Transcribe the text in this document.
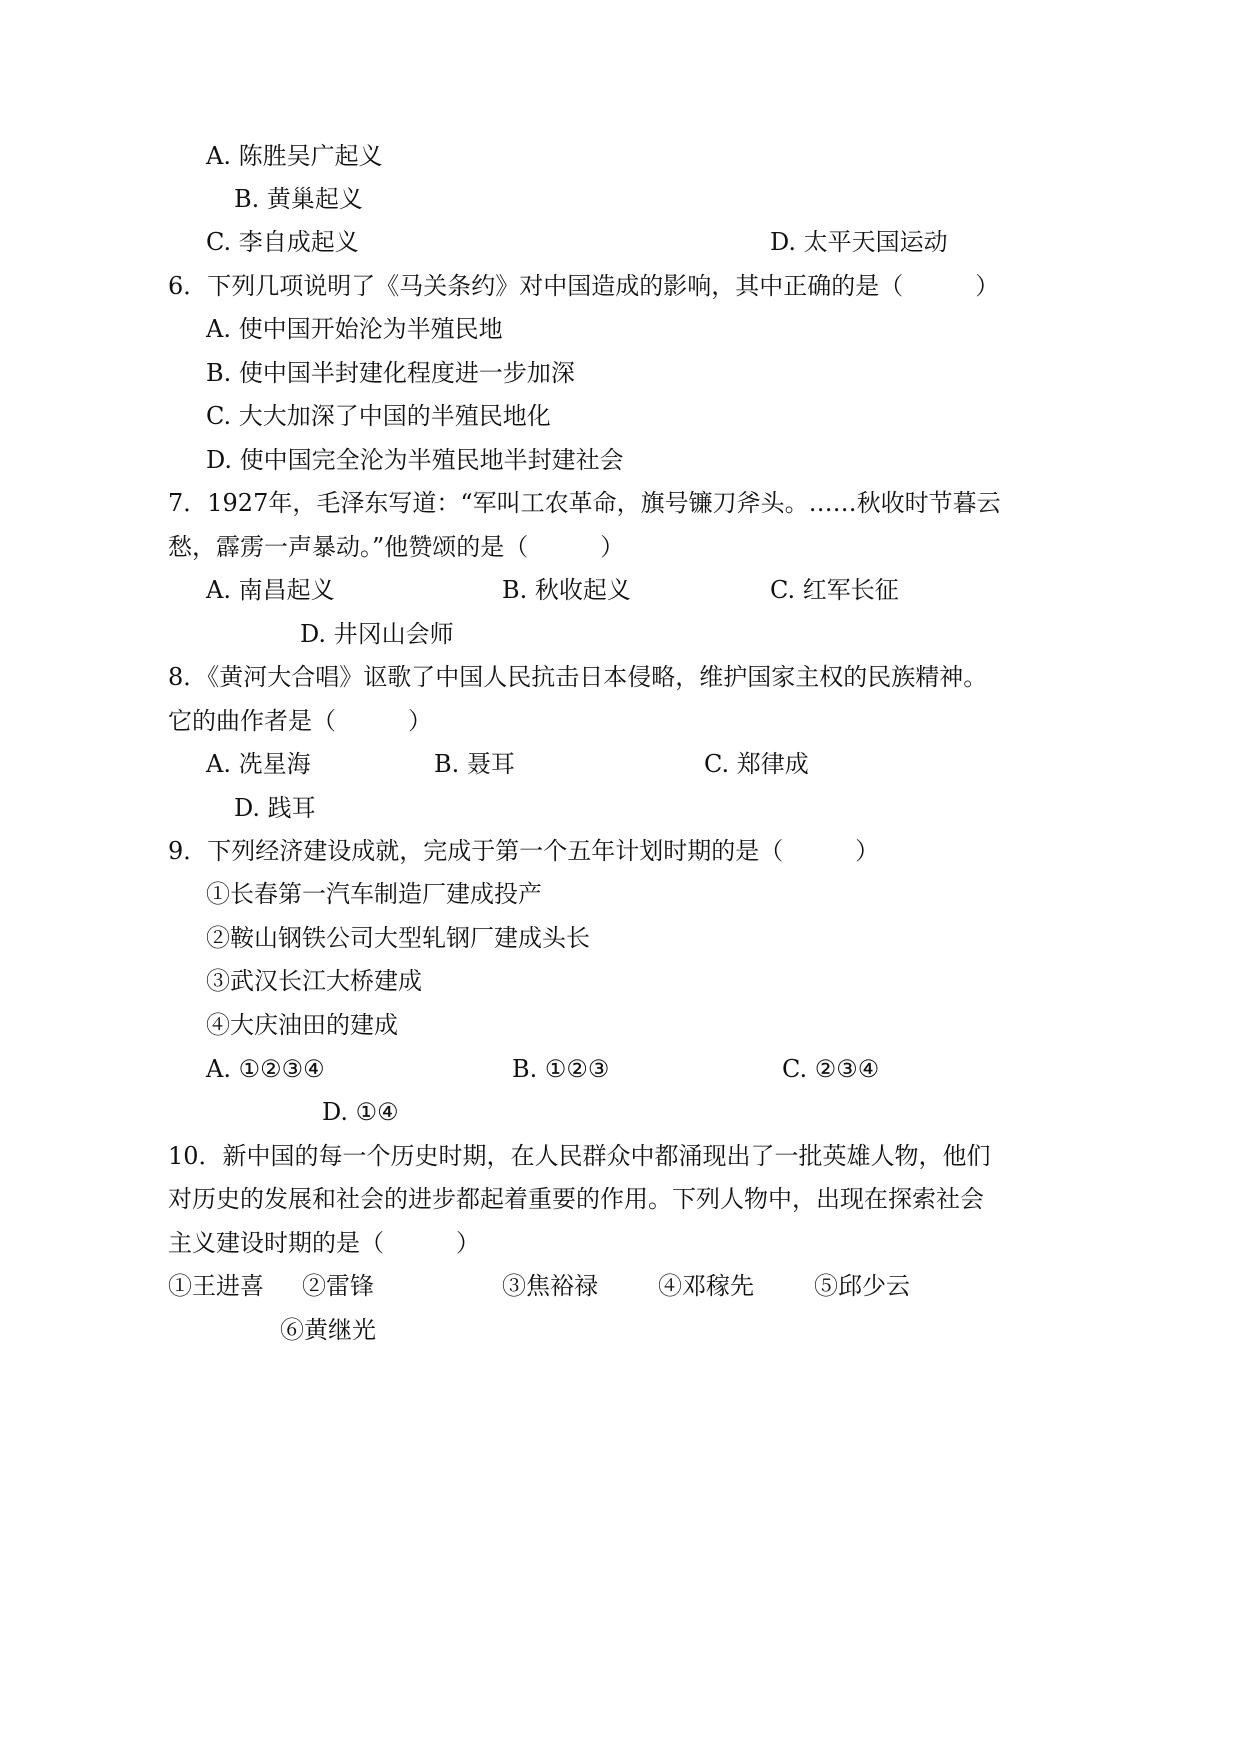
A. 陈胜吴广起义
B. 黄巢起义
C. 李自成起义	D. 太平天国运动
6．下列几项说明了《马关条约》对中国造成的影响，其中正确的是（　　　）
A. 使中国开始沦为半殖民地
B. 使中国半封建化程度进一步加深
C. 大大加深了中国的半殖民地化
D. 使中国完全沦为半殖民地半封建社会
7．1927年，毛泽东写道：“军叫工农革命，旗号镰刀斧头。……秋收时节暮云
愁，霹雳一声暴动。”他赞颂的是（　　　）
A. 南昌起义	B. 秋收起义	C. 红军长征
D. 井冈山会师
8．《黄河大合唱》讴歌了中国人民抗击日本侵略，维护国家主权的民族精神。
它的曲作者是（　　　）
A. 冼星海	B. 聂耳	C. 郑律成
D. 践耳
9．下列经济建设成就，完成于第一个五年计划时期的是（　　　）
①长春第一汽车制造厂建成投产
②鞍山钢铁公司大型轧钢厂建成头长
③武汉长江大桥建成
④大庆油田的建成
A. ①②③④	B. ①②③	C. ②③④
D. ①④
10．新中国的每一个历史时期，在人民群众中都涌现出了一批英雄人物，他们
对历史的发展和社会的进步都起着重要的作用。下列人物中，出现在探索社会
主义建设时期的是（　　　）
①王进喜 ②雷锋	③焦裕禄	④邓稼先	⑤邱少云
⑥黄继光
